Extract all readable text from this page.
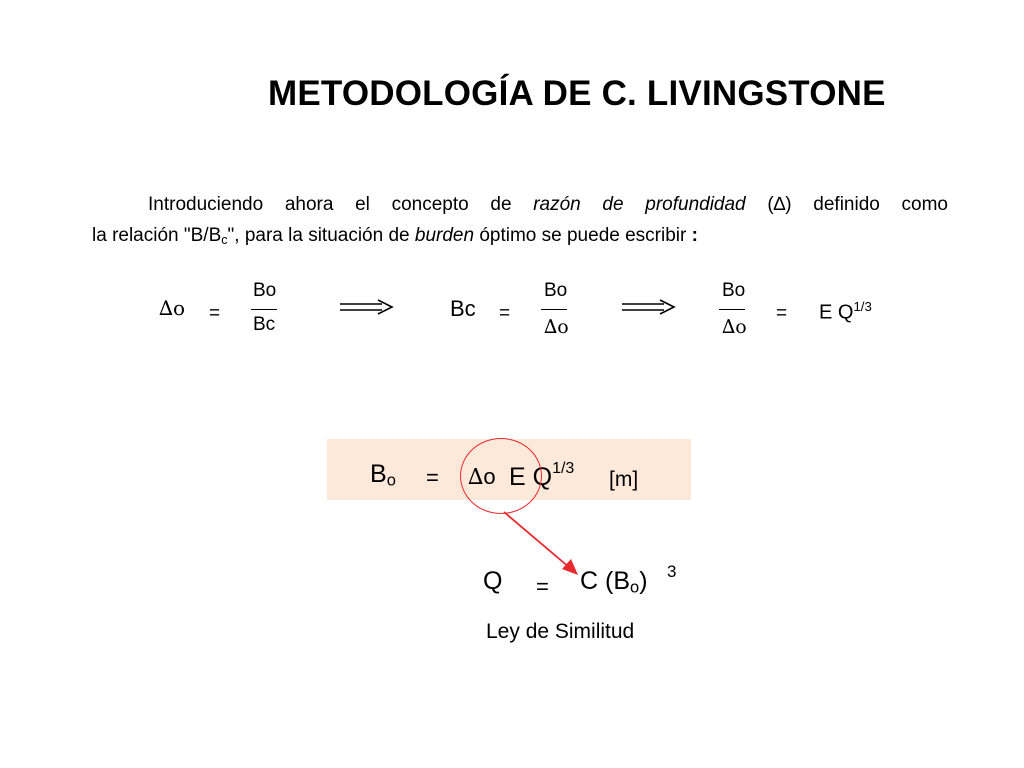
METODOLOGÍA DE C. LIVINGSTONE
Introduciendo ahora el concepto de razón de profundidad (∆) definido como
la relación "$B/B_c$", para la situación de burden óptimo se puede escribir :
∆o =
Bo
Bc
Bc =
Bo
∆o
Bo
∆o
= E $Q^{1/3}$
$B_o = \Delta o$ E $Q^{1/3}$ [m]
Q = C $(B_o)$ 3
Ley de Similitud
